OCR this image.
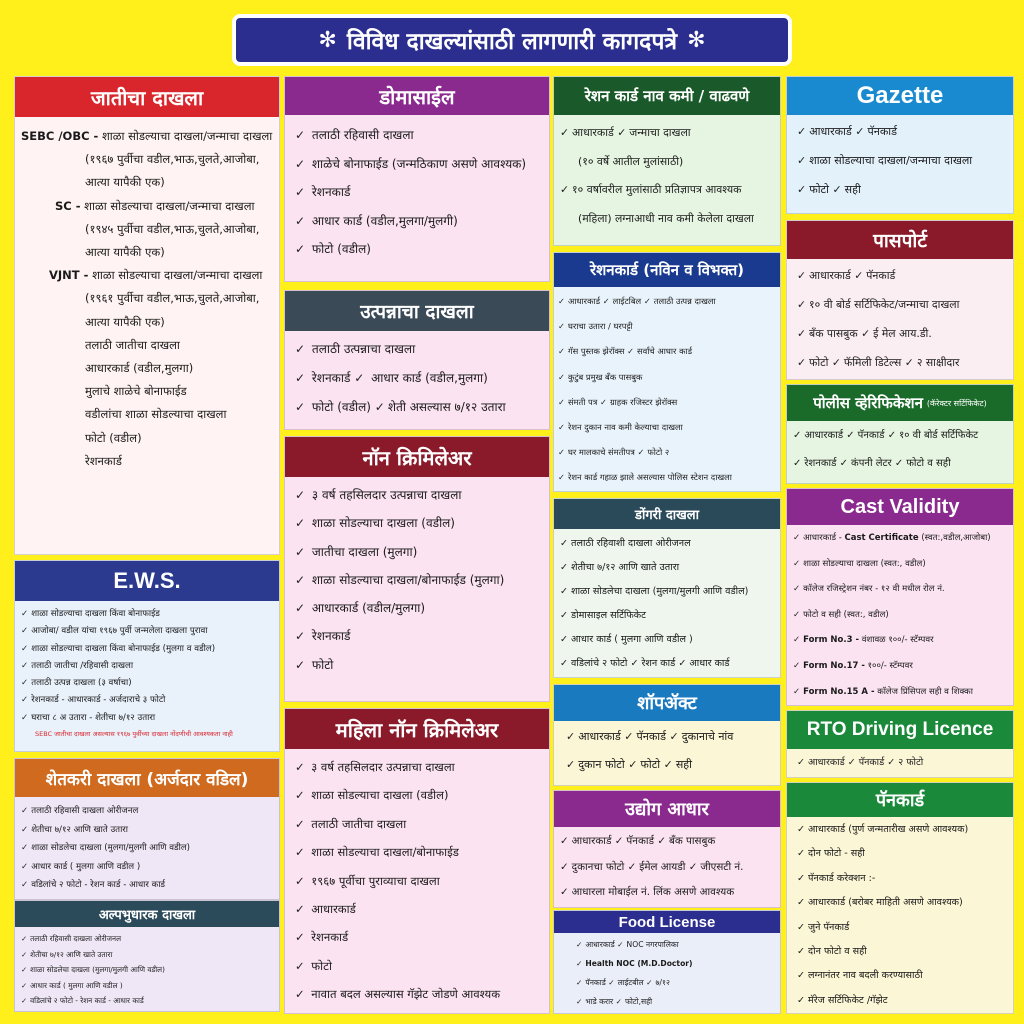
✻ विविध दाखल्यांसाठी लागणारी कागदपत्रे ✻
जातीचा दाखला
SEBC /OBC - शाळा सोडल्याचा दाखला/जन्माचा दाखला
(१९६७ पुर्वीचा वडील,भाऊ,चुलते,आजोबा,
आत्या यापैकी एक)
SC - शाळा सोडल्याचा दाखला/जन्माचा दाखला
(१९४५ पुर्वीचा वडील,भाऊ,चुलते,आजोबा,
आत्या यापैकी एक)
VJNT - शाळा सोडल्याचा दाखला/जन्माचा दाखला
(१९६१ पुर्वीचा वडील,भाऊ,चुलते,आजोबा,
आत्या यापैकी एक)
तलाठी जातीचा दाखला
आधारकार्ड (वडील,मुलगा)
मुलाचे शाळेचे बोनाफाईड
वडीलांचा शाळा सोडल्याचा दाखला
फोटो (वडील)
रेशनकार्ड
E.W.S.
✓ शाळा सोडल्याचा दाखला किंवा बोनाफाईड
✓ आजोबा/ वडील यांचा १९६७ पुर्वी जन्मलेला दाखला पुरावा
✓ शाळा सोडल्याचा दाखला किंवा बोनाफाईड (मुलगा व वडील)
✓ तलाठी जातीचा /रहिवासी दाखला
✓ तलाठी उत्पन्न दाखला (३ वर्षाचा)
✓ रेशनकार्ड - आधारकार्ड - अर्जदाराचे ३ फोटो
✓ घराचा ८ अ उतारा - शेतीचा ७/१२ उतारा
SEBC जातीचा दाखला असल्यास १९६७ पुर्वीच्या दाखला नोंदणीची आवश्यकता नाही
शेतकरी दाखला (अर्जदार वडिल)
✓ तलाठी रहिवासी दाखला ओरीजनल
✓ शेतीचा ७/१२ आणि खाते उतारा
✓ शाळा सोडलेचा दाखला (मुलगा/मुलगी आणि वडील)
✓ आधार कार्ड ( मुलगा आणि वडील )
✓ वडिलांचे २ फोटो - रेशन कार्ड - आधार कार्ड
अल्पभुधारक दाखला
✓ तलाठी रहिवासी दाखला ओरीजनल
✓ शेतीचा ७/१२ आणि खाते उतारा
✓ शाळा सोडलेचा दाखला (मुलगा/मुलगी आणि वडील)
✓ आधार कार्ड ( मुलगा आणि वडील )
✓ वडिलांचे २ फोटो - रेशन कार्ड - आधार कार्ड
डोमासाईल
✓ तलाठी रहिवासी दाखला
✓ शाळेचे बोनाफाईड (जन्मठिकाण असणे आवश्यक)
✓ रेशनकार्ड
✓ आधार कार्ड (वडील,मुलगा/मुलगी)
✓ फोटो (वडील)
उत्पन्नाचा दाखला
✓ तलाठी उत्पन्नाचा दाखला
✓ रेशनकार्ड ✓ आधार कार्ड (वडील,मुलगा)
✓ फोटो (वडील) ✓ शेती असल्यास ७/१२ उतारा
नॉन क्रिमिलेअर
✓ ३ वर्ष तहसिलदार उत्पन्नाचा दाखला
✓ शाळा सोडल्याचा दाखला (वडील)
✓ जातीचा दाखला (मुलगा)
✓ शाळा सोडल्याचा दाखला/बोनाफाईड (मुलगा)
✓ आधारकार्ड (वडील/मुलगा)
✓ रेशनकार्ड
✓ फोटो
महिला नॉन क्रिमिलेअर
✓ ३ वर्ष तहसिलदार उत्पन्नाचा दाखला
✓ शाळा सोडल्याचा दाखला (वडील)
✓ तलाठी जातीचा दाखला
✓ शाळा सोडल्याचा दाखला/बोनाफाईड
✓ १९६७ पूर्वीचा पुराव्याचा दाखला
✓ आधारकार्ड
✓ रेशनकार्ड
✓ फोटो
✓ नावात बदल असल्यास गॅझेट जोडणे आवश्यक
रेशन कार्ड नाव कमी / वाढवणे
✓ आधारकार्ड ✓ जन्माचा दाखला
(१० वर्षे आतील मुलांसाठी)
✓ १० वर्षावरील मुलांसाठी प्रतिज्ञापत्र आवश्यक
(महिला) लग्नाआधी नाव कमी केलेला दाखला
रेशनकार्ड (नविन व विभक्त)
✓ आधारकार्ड ✓ लाईटबिल ✓ तलाठी उत्पन्न दाखला
✓ घराचा उतारा / घरपट्टी
✓ गॅस पुस्तक झेरॉक्स ✓ सर्वांचे आधार कार्ड
✓ कुटुंब प्रमुख बँक पासबुक
✓ संमती पत्र ✓ ग्राहक रजिस्टर झेरॉक्स
✓ रेशन दुकान नाव कमी केल्याचा दाखला
✓ घर मालकाचे संमतीपत्र ✓ फोटो २
✓ रेशन कार्ड गहाळ झाले असल्यास पोलिस स्टेशन दाखला
डोंगरी दाखला
✓ तलाठी रहिवाशी दाखला ओरीजनल
✓ शेतीचा ७/१२ आणि खाते उतारा
✓ शाळा सोडलेचा दाखला (मुलगा/मुलगी आणि वडील)
✓ डोमासाइल सर्टिफिकेट
✓ आधार कार्ड ( मुलगा आणि वडील )
✓ वडिलांचे २ फोटो ✓ रेशन कार्ड ✓ आधार कार्ड
शॉपॲक्ट
✓ आधारकार्ड ✓ पॅनकार्ड ✓ दुकानाचे नांव
✓ दुकान फोटो ✓ फोटो ✓ सही
उद्योग आधार
✓ आधारकार्ड ✓ पॅनकार्ड ✓ बँक पासबुक
✓ दुकानचा फोटो ✓ ईमेल आयडी ✓ जीएसटी नं.
✓ आधारला मोबाईल नं. लिंक असणे आवश्यक
Food License
✓ आधारकार्ड ✓ NOC नगरपालिका
✓ Health NOC (M.D.Doctor)
✓ पॅनकार्ड ✓ लाईटबील ✓ ७/१२
✓ भाडे करार ✓ फोटो,सही
Gazette
✓ आधारकार्ड ✓ पॅनकार्ड
✓ शाळा सोडल्याचा दाखला/जन्माचा दाखला
✓ फोटो ✓ सही
पासपोर्ट
✓ आधारकार्ड ✓ पॅनकार्ड
✓ १० वी बोर्ड सर्टिफिकेट/जन्माचा दाखला
✓ बँक पासबुक ✓ ई मेल आय.डी.
✓ फोटो ✓ फॅमिली डिटेल्स ✓ २ साक्षीदार
पोलीस व्हेरिफिकेशन (कॅरेक्टर सर्टिफिकेट)
✓ आधारकार्ड ✓ पॅनकार्ड ✓ १० वी बोर्ड सर्टिफिकेट
✓ रेशनकार्ड ✓ कंपनी लेटर ✓ फोटो व सही
Cast Validity
✓ आधारकार्ड - Cast Certificate (स्वत:,वडील,आजोबा)
✓ शाळा सोडल्याचा दाखला (स्वत:, वडील)
✓ कॉलेज रजिस्ट्रेशन नंबर - १२ वी मधील रोल नं.
✓ फोटो व सही (स्वत:, वडील)
✓ Form No.3 - वंशावळ १००/- स्टॅम्पवर
✓ Form No.17 - १००/- स्टॅम्पवर
✓ Form No.15 A - कॉलेज प्रिंसिपल सही व शिक्का
RTO Driving Licence
✓ आधारकार्ड ✓ पॅनकार्ड ✓ २ फोटो
पॅनकार्ड
✓ आधारकार्ड (पुर्ण जन्मतारीख असणे आवश्यक)
✓ दोन फोटो - सही
✓ पॅनकार्ड करेक्शन :-
✓ आधारकार्ड (बरोबर माहिती असणे आवश्यक)
✓ जुने पॅनकार्ड
✓ दोन फोटो व सही
✓ लग्नानंतर नाव बदली करण्यासाठी
✓ मॅरेज सर्टिफिकेट /गॅझेट
